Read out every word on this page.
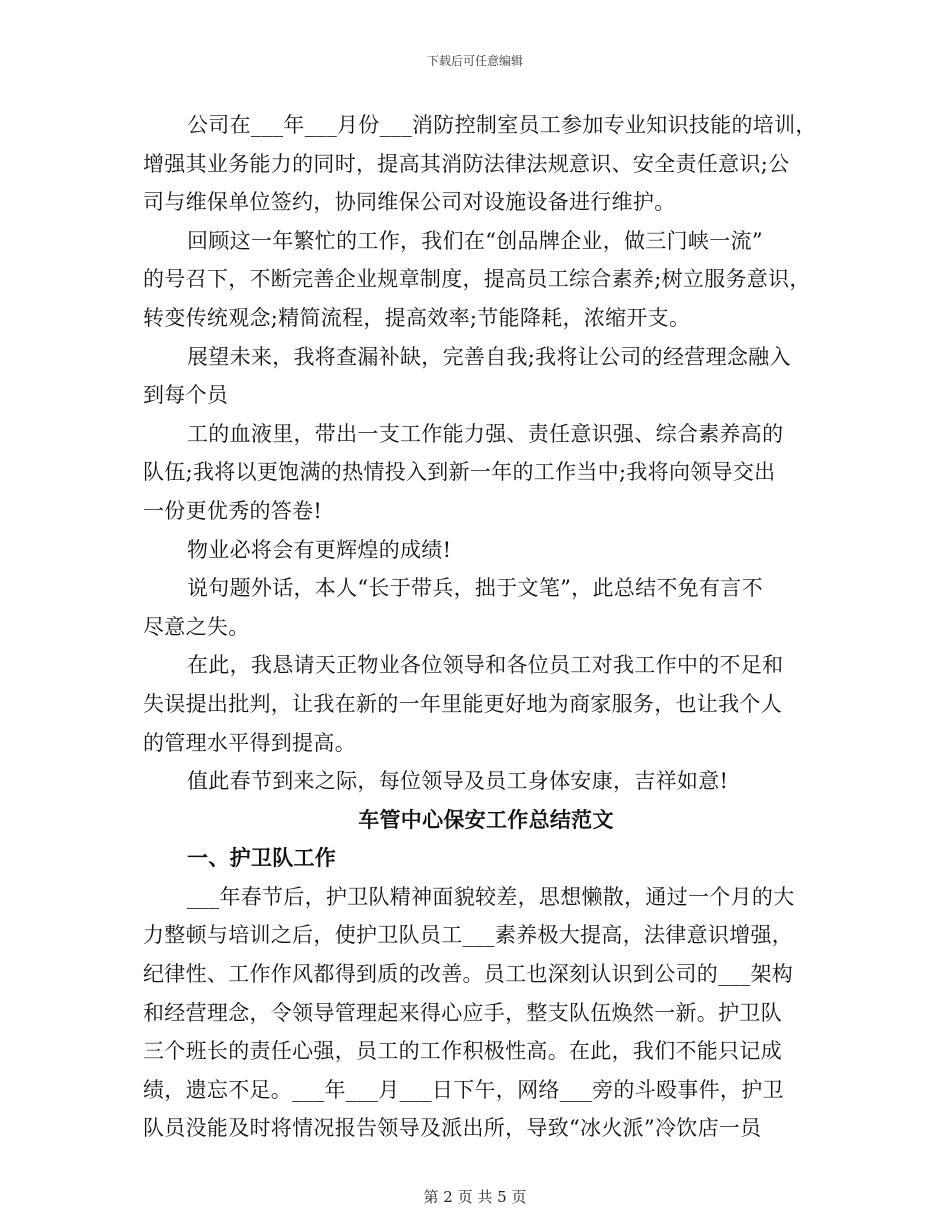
下载后可任意编辑
公司在___年___月份___消防控制室员工参加专业知识技能的培训，
增强其业务能力的同时，提高其消防法律法规意识、安全责任意识;公
司与维保单位签约，协同维保公司对设施设备进行维护。
回顾这一年繁忙的工作，我们在“创品牌企业，做三门峡一流”
的号召下，不断完善企业规章制度，提高员工综合素养;树立服务意识，
转变传统观念;精简流程，提高效率;节能降耗，浓缩开支。
展望未来，我将查漏补缺，完善自我;我将让公司的经营理念融入
到每个员
工的血液里，带出一支工作能力强、责任意识强、综合素养高的
队伍;我将以更饱满的热情投入到新一年的工作当中;我将向领导交出
一份更优秀的答卷!
物业必将会有更辉煌的成绩!
说句题外话，本人“长于带兵，拙于文笔”，此总结不免有言不
尽意之失。
在此，我恳请天正物业各位领导和各位员工对我工作中的不足和
失误提出批判，让我在新的一年里能更好地为商家服务，也让我个人
的管理水平得到提高。
值此春节到来之际，每位领导及员工身体安康，吉祥如意!
车管中心保安工作总结范文
一、护卫队工作
___年春节后，护卫队精神面貌较差，思想懒散，通过一个月的大
力整顿与培训之后，使护卫队员工___素养极大提高，法律意识增强，
纪律性、工作作风都得到质的改善。员工也深刻认识到公司的___架构
和经营理念，令领导管理起来得心应手，整支队伍焕然一新。护卫队
三个班长的责任心强，员工的工作积极性高。在此，我们不能只记成
绩，遗忘不足。___年___月___日下午，网络___旁的斗殴事件，护卫
队员没能及时将情况报告领导及派出所，导致“冰火派”冷饮店一员
第 2 页 共 5 页
